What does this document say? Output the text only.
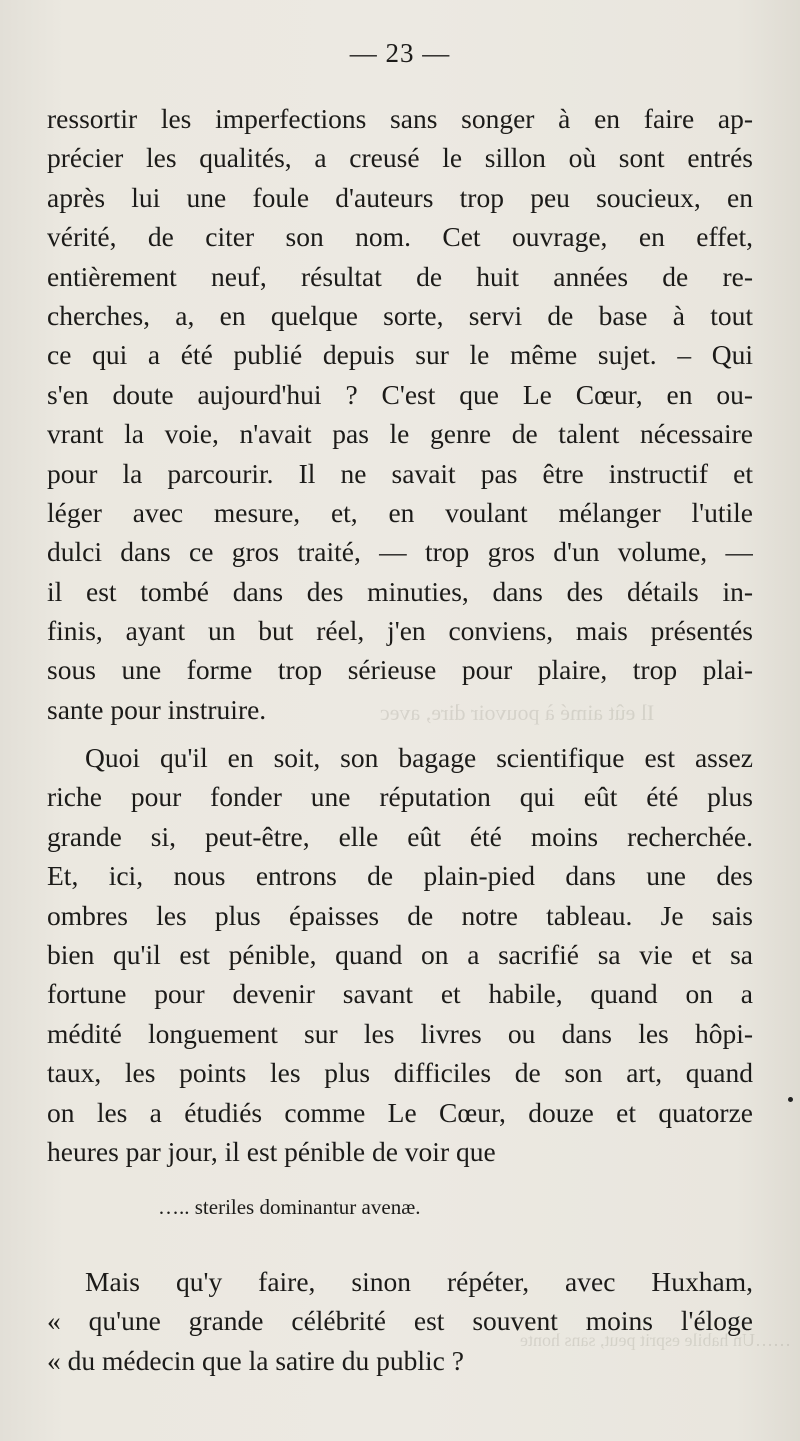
Il eût aimé à pouvoir dire, avec
……Un habile esprit peut, sans honte
— 23 —
ressortir les imperfections sans songer à en faire ap-
précier les qualités, a creusé le sillon où sont entrés
après lui une foule d'auteurs trop peu soucieux, en
vérité, de citer son nom. Cet ouvrage, en effet,
entièrement neuf, résultat de huit années de re-
cherches, a, en quelque sorte, servi de base à tout
ce qui a été publié depuis sur le même sujet. – Qui
s'en doute aujourd'hui ? C'est que Le Cœur, en ou-
vrant la voie, n'avait pas le genre de talent nécessaire
pour la parcourir. Il ne savait pas être instructif et
léger avec mesure, et, en voulant mélanger l'utile
dulci dans ce gros traité, — trop gros d'un volume, —
il est tombé dans des minuties, dans des détails in-
finis, ayant un but réel, j'en conviens, mais présentés
sous une forme trop sérieuse pour plaire, trop plai-
sante pour instruire.
Quoi qu'il en soit, son bagage scientifique est assez
riche pour fonder une réputation qui eût été plus
grande si, peut-être, elle eût été moins recherchée.
Et, ici, nous entrons de plain-pied dans une des
ombres les plus épaisses de notre tableau. Je sais
bien qu'il est pénible, quand on a sacrifié sa vie et sa
fortune pour devenir savant et habile, quand on a
médité longuement sur les livres ou dans les hôpi-
taux, les points les plus difficiles de son art, quand
on les a étudiés comme Le Cœur, douze et quatorze
heures par jour, il est pénible de voir que
….. steriles dominantur avenæ.
Mais qu'y faire, sinon répéter, avec Huxham,
« qu'une grande célébrité est souvent moins l'éloge
« du médecin que la satire du public ?
